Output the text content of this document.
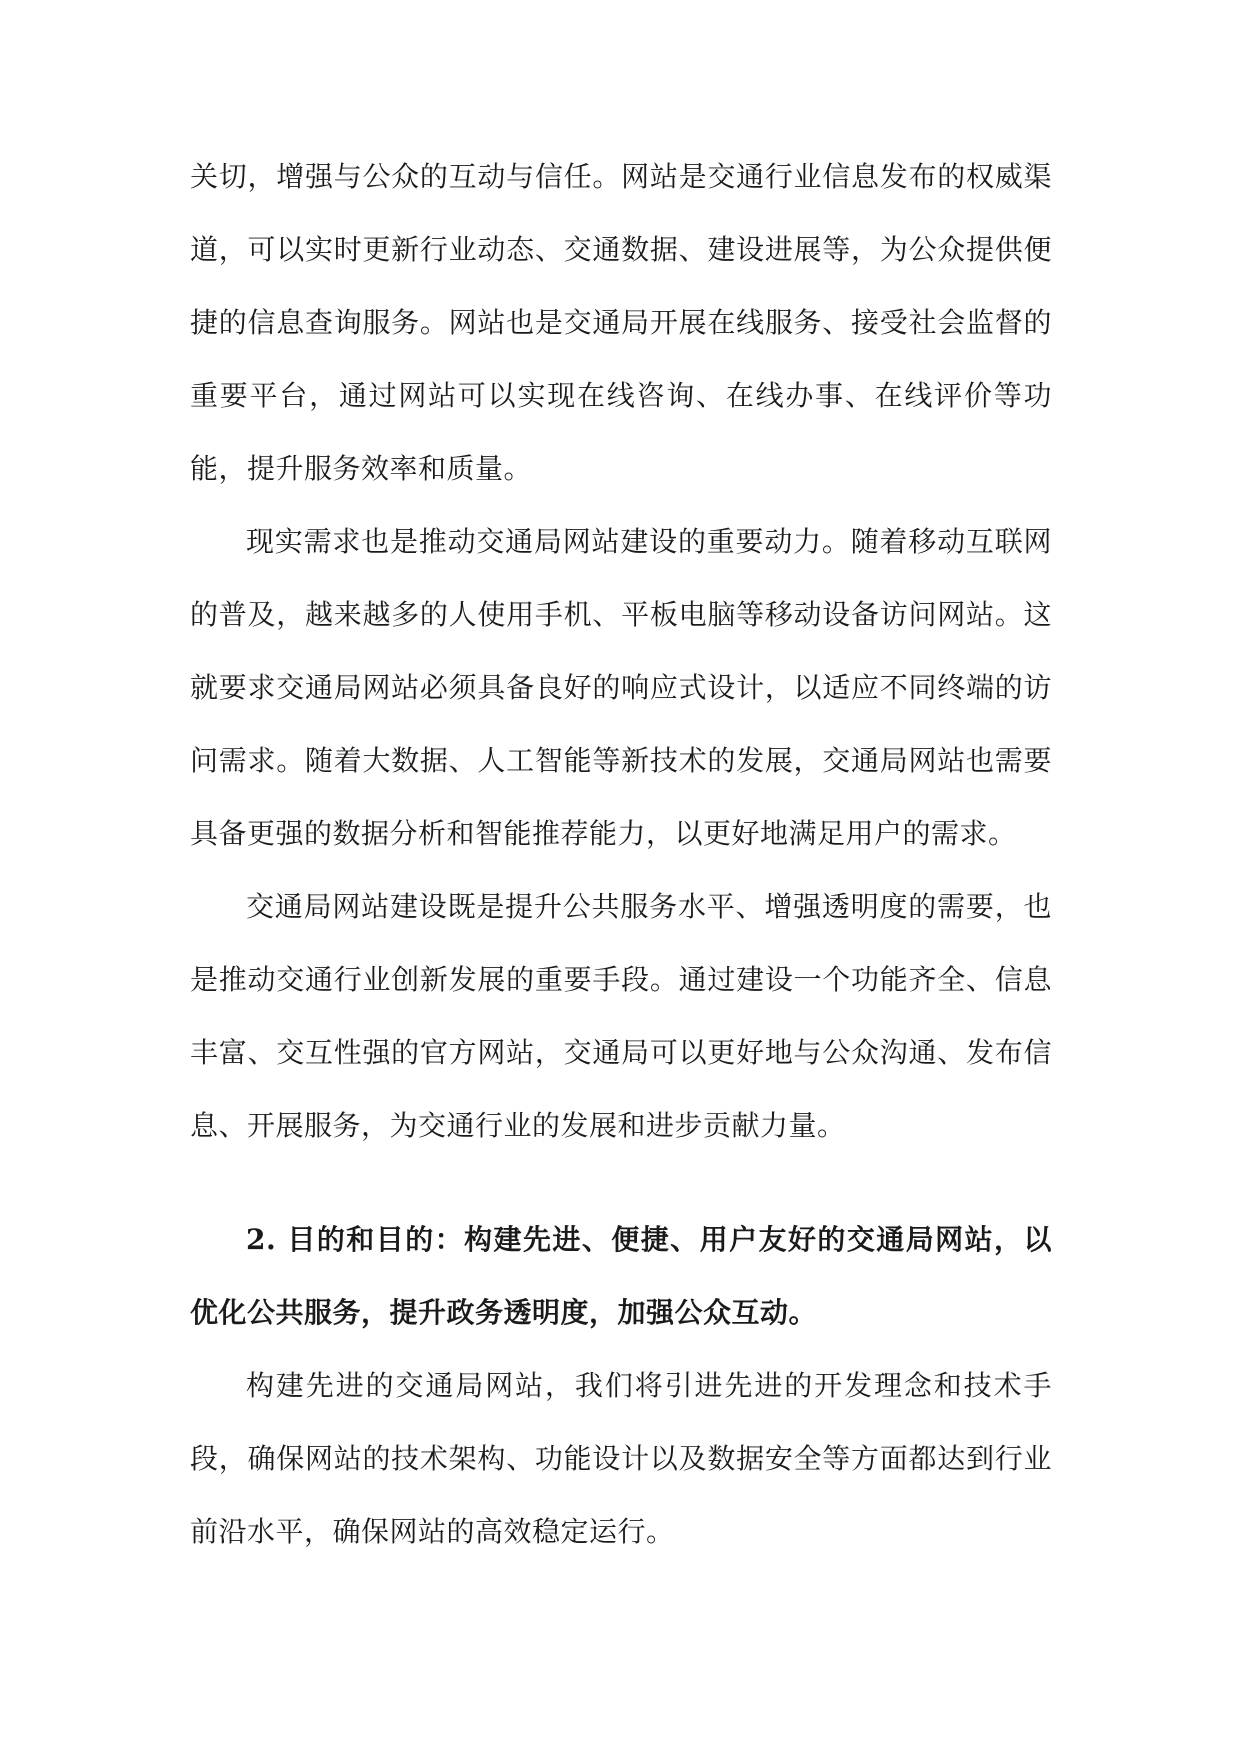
关切，增强与公众的互动与信任。网站是交通行业信息发布的权威渠道，可以实时更新行业动态、交通数据、建设进展等，为公众提供便捷的信息查询服务。网站也是交通局开展在线服务、接受社会监督的重要平台，通过网站可以实现在线咨询、在线办事、在线评价等功能，提升服务效率和质量。

现实需求也是推动交通局网站建设的重要动力。随着移动互联网的普及，越来越多的人使用手机、平板电脑等移动设备访问网站。这就要求交通局网站必须具备良好的响应式设计，以适应不同终端的访问需求。随着大数据、人工智能等新技术的发展，交通局网站也需要具备更强的数据分析和智能推荐能力，以更好地满足用户的需求。

交通局网站建设既是提升公共服务水平、增强透明度的需要，也是推动交通行业创新发展的重要手段。通过建设一个功能齐全、信息丰富、交互性强的官方网站，交通局可以更好地与公众沟通、发布信息、开展服务，为交通行业的发展和进步贡献力量。

2. 目的和目的：构建先进、便捷、用户友好的交通局网站，以优化公共服务，提升政务透明度，加强公众互动。

构建先进的交通局网站，我们将引进先进的开发理念和技术手段，确保网站的技术架构、功能设计以及数据安全等方面都达到行业前沿水平，确保网站的高效稳定运行。
